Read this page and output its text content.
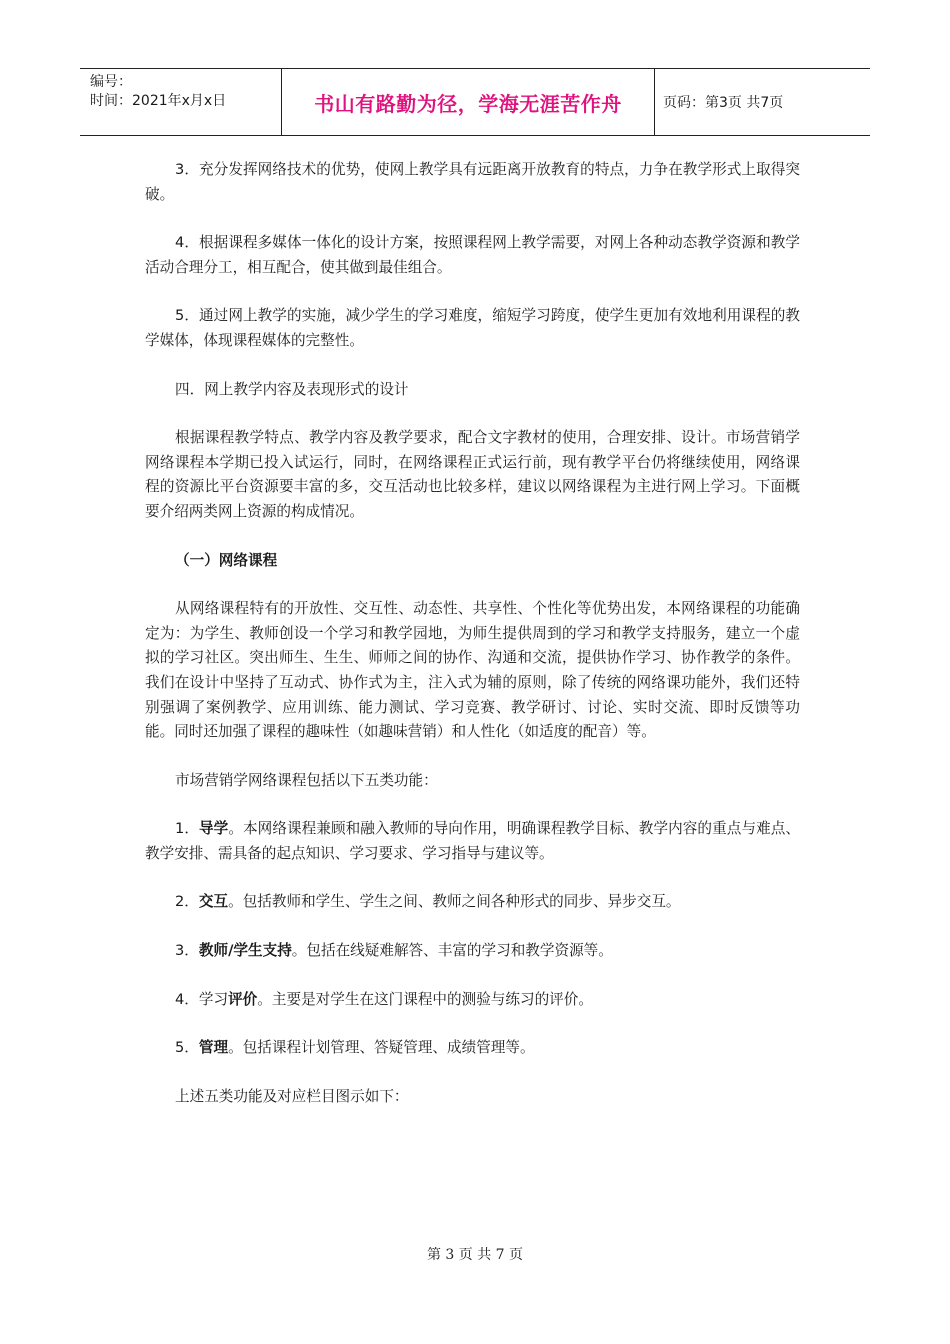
编号：
时间：2021年x月x日	书山有路勤为径，学海无涯苦作舟	页码：第3页 共7页

3．充分发挥网络技术的优势，使网上教学具有远距离开放教育的特点，力争在教学形式上取得突破。

4．根据课程多媒体一体化的设计方案，按照课程网上教学需要，对网上各种动态教学资源和教学活动合理分工，相互配合，使其做到最佳组合。

5．通过网上教学的实施，减少学生的学习难度，缩短学习跨度，使学生更加有效地利用课程的教学媒体，体现课程媒体的完整性。

四．网上教学内容及表现形式的设计

根据课程教学特点、教学内容及教学要求，配合文字教材的使用，合理安排、设计。市场营销学网络课程本学期已投入试运行，同时，在网络课程正式运行前，现有教学平台仍将继续使用，网络课程的资源比平台资源要丰富的多，交互活动也比较多样，建议以网络课程为主进行网上学习。下面概要介绍两类网上资源的构成情况。

（一）网络课程

从网络课程特有的开放性、交互性、动态性、共享性、个性化等优势出发，本网络课程的功能确定为：为学生、教师创设一个学习和教学园地，为师生提供周到的学习和教学支持服务，建立一个虚拟的学习社区。突出师生、生生、师师之间的协作、沟通和交流，提供协作学习、协作教学的条件。我们在设计中坚持了互动式、协作式为主，注入式为辅的原则，除了传统的网络课功能外，我们还特别强调了案例教学、应用训练、能力测试、学习竞赛、教学研讨、讨论、实时交流、即时反馈等功能。同时还加强了课程的趣味性（如趣味营销）和人性化（如适度的配音）等。

市场营销学网络课程包括以下五类功能：

1．导学。本网络课程兼顾和融入教师的导向作用，明确课程教学目标、教学内容的重点与难点、教学安排、需具备的起点知识、学习要求、学习指导与建议等。

2．交互。包括教师和学生、学生之间、教师之间各种形式的同步、异步交互。

3．教师/学生支持。包括在线疑难解答、丰富的学习和教学资源等。

4．学习评价。主要是对学生在这门课程中的测验与练习的评价。

5．管理。包括课程计划管理、答疑管理、成绩管理等。

上述五类功能及对应栏目图示如下：

第 3 页 共 7 页
